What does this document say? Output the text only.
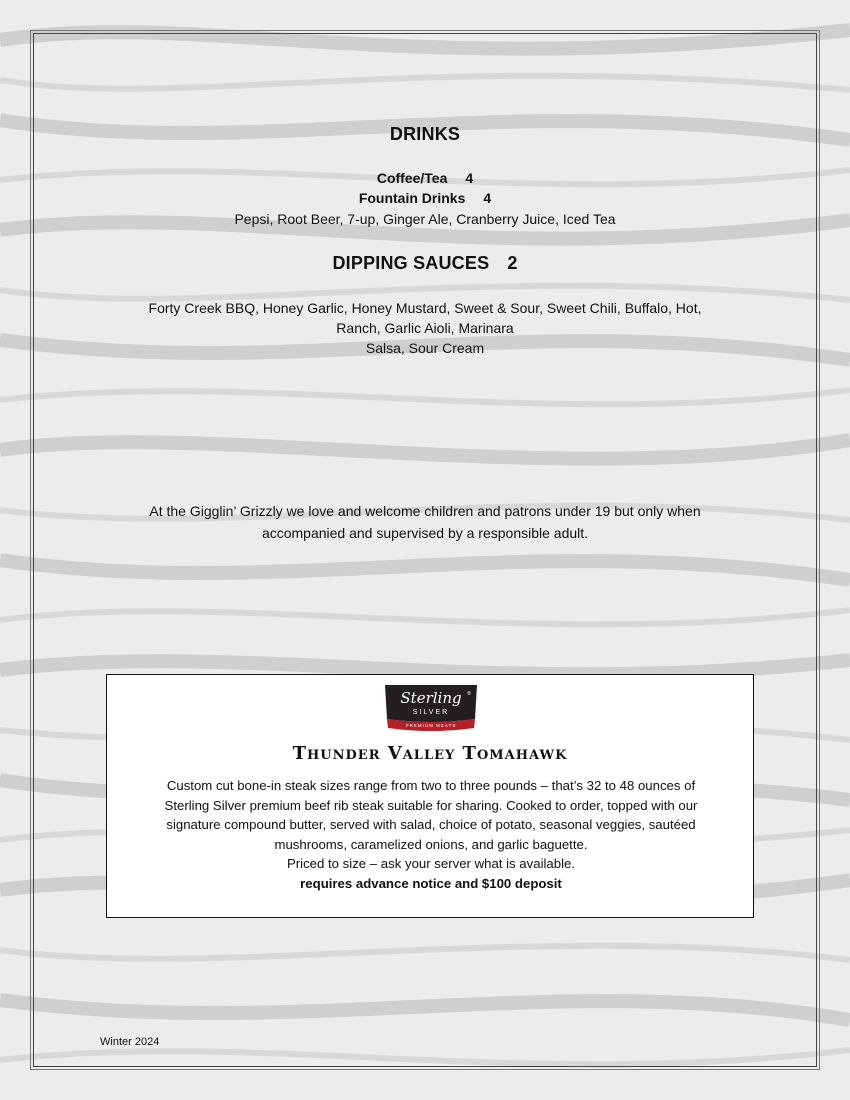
DRINKS
Coffee/Tea 4
Fountain Drinks 4
Pepsi, Root Beer, 7-up, Ginger Ale, Cranberry Juice, Iced Tea
DIPPING SAUCES 2
Forty Creek BBQ, Honey Garlic, Honey Mustard, Sweet & Sour, Sweet Chili, Buffalo, Hot,
Ranch, Garlic Aioli, Marinara
Salsa, Sour Cream
At the Gigglin’ Grizzly we love and welcome children and patrons under 19 but only when
accompanied and supervised by a responsible adult.
Sterling
SILVER
®
PREMIUM MEATS
Thunder Valley Tomahawk

Custom cut bone-in steak sizes range from two to three pounds – that’s 32 to 48 ounces of

Sterling Silver premium beef rib steak suitable for sharing. Cooked to order, topped with our

signature compound butter, served with salad, choice of potato, seasonal veggies, sautéed

mushrooms, caramelized onions, and garlic baguette.

Priced to size – ask your server what is available.

requires advance notice and $100 deposit

Winter 2024
